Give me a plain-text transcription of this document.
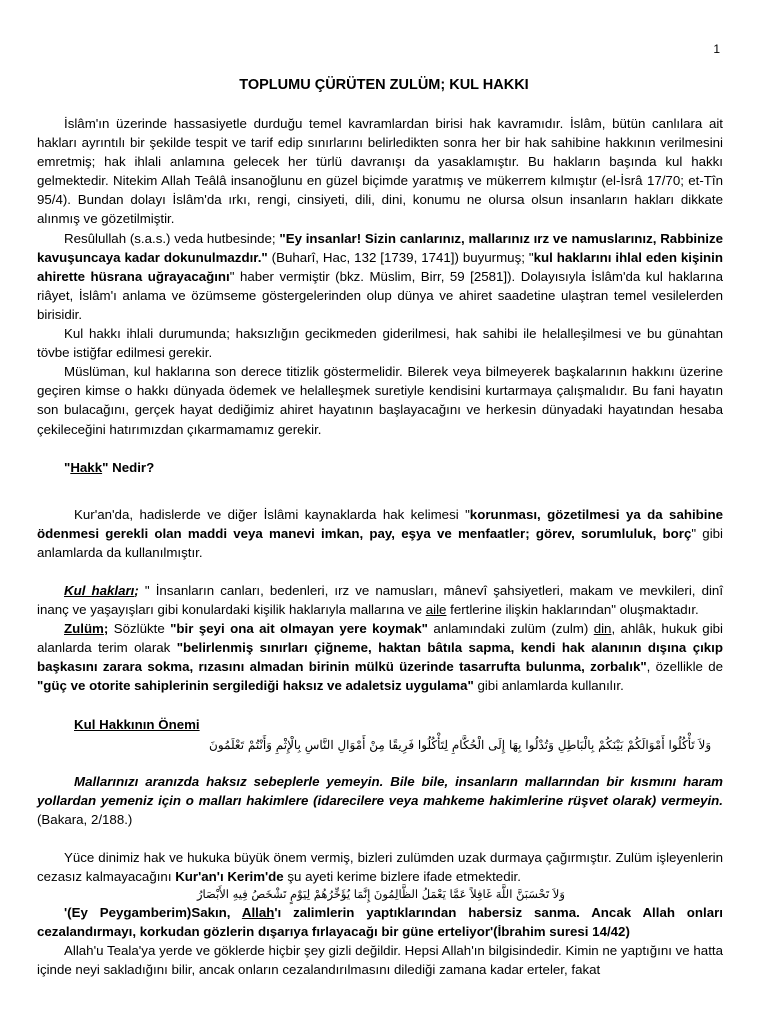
1
TOPLUMU ÇÜRÜTEN ZULÜM; KUL HAKKI

İslâm'ın üzerinde hassasiyetle durduğu temel kavramlardan birisi hak kavramıdır. İslâm, bütün canlılara ait hakları ayrıntılı bir şekilde tespit ve tarif edip sınırlarını belirledikten sonra her bir hak sahibine hakkının verilmesini emretmiş; hak ihlali anlamına gelecek her türlü davranışı da yasaklamıştır. Bu hakların başında kul hakkı gelmektedir. Nitekim Allah Teâlâ insanoğlunu en güzel biçimde yaratmış ve mükerrem kılmıştır (el-İsrâ 17/70; et-Tîn 95/4). Bundan dolayı İslâm'da ırkı, rengi, cinsiyeti, dili, dini, konumu ne olursa olsun insanların hakları dikkate alınmış ve gözetilmiştir.

Resûlullah (s.a.s.) veda hutbesinde; "Ey insanlar! Sizin canlarınız, mallarınız ırz ve namuslarınız, Rabbinize kavuşuncaya kadar dokunulmazdır." (Buharî, Hac, 132 [1739, 1741]) buyurmuş; "kul haklarını ihlal eden kişinin ahirette hüsrana uğrayacağını" haber vermiştir (bkz. Müslim, Birr, 59 [2581]). Dolayısıyla İslâm'da kul haklarına riâyet, İslâm'ı anlama ve özümseme göstergelerinden olup dünya ve ahiret saadetine ulaştran temel vesilelerden birisidir.

Kul hakkı ihlali durumunda; haksızlığın gecikmeden giderilmesi, hak sahibi ile helalleşilmesi ve bu günahtan tövbe istiğfar edilmesi gerekir.

Müslüman, kul haklarına son derece titizlik göstermelidir. Bilerek veya bilmeyerek başkalarının hakkını üzerine geçiren kimse o hakkı dünyada ödemek ve helalleşmek suretiyle kendisini kurtarmaya çalışmalıdır. Bu fani hayatın son bulacağını, gerçek hayat dediğimiz ahiret hayatının başlayacağını ve herkesin dünyadaki hayatından hesaba çekileceğini hatırımızdan çıkarmamamız gerekir.

"Hakk" Nedir?

Kur'an'da, hadislerde ve diğer İslâmi kaynaklarda hak kelimesi "korunması, gözetilmesi ya da sahibine ödenmesi gerekli olan maddi veya manevi imkan, pay, eşya ve menfaatler; görev, sorumluluk, borç" gibi anlamlarda da kullanılmıştır.

Kul hakları; " İnsanların canları, bedenleri, ırz ve namusları, mânevî şahsiyetleri, makam ve mevkileri, dinî inanç ve yaşayışları gibi konulardaki kişilik haklarıyla mallarına ve aile fertlerine ilişkin haklarından" oluşmaktadır.

Zulüm; Sözlükte "bir şeyi ona ait olmayan yere koymak" anlamındaki zulüm (zulm) din, ahlâk, hukuk gibi alanlarda terim olarak "belirlenmiş sınırları çiğneme, haktan bâtıla sapma, kendi hak alanının dışına çıkıp başkasını zarara sokma, rızasını almadan birinin mülkü üzerinde tasarrufta bulunma, zorbalık", özellikle de "güç ve otorite sahiplerinin sergilediği haksız ve adaletsiz uygulama" gibi anlamlarda kullanılır.

Kul Hakkının Önemi

وَلاَ تَأْكُلُوا أَمْوَالَكُمْ بَيْنَكُمْ بِالْبَاطِلِ وَتُدْلُوا بِهَا إِلَى الْحُكَّامِ لِتَأْكُلُوا فَرِيقًا مِنْ أَمْوَالِ النَّاسِ بِالْإِثْمِ وَأَنْتُمْ تَعْلَمُونَ

Mallarınızı aranızda haksız sebeplerle yemeyin. Bile bile, insanların mallarından bir kısmını haram yollardan yemeniz için o malları hakimlere (idarecilere veya mahkeme hakimlerine rüşvet olarak) vermeyin. (Bakara, 2/188.)

Yüce dinimiz hak ve hukuka büyük önem vermiş, bizleri zulümden uzak durmaya çağırmıştır. Zulüm işleyenlerin cezasız kalmayacağını Kur'an'ı Kerim'de şu ayeti kerime bizlere ifade etmektedir.

وَلاَ تَحْسَبَنَّ اللَّهَ غَافِلاً عَمَّا يَعْمَلُ الظَّالِمُونَ إِنَّمَا يُؤَخِّرُهُمْ لِيَوْمٍ تَشْخَصُ فِيهِ الأَبْصَارُ

'(Ey Peygamberim)Sakın, Allah'ı zalimlerin yaptıklarından habersiz sanma. Ancak Allah onları cezalandırmayı, korkudan gözlerin dışarıya fırlayacağı bir güne erteliyor'(İbrahim suresi 14/42)

Allah'u Teala'ya yerde ve göklerde hiçbir şey gizli değildir. Hepsi Allah'ın bilgisindedir. Kimin ne yaptığını ve hatta içinde neyi sakladığını bilir, ancak onların cezalandırılmasını dilediği zamana kadar erteler, fakat
